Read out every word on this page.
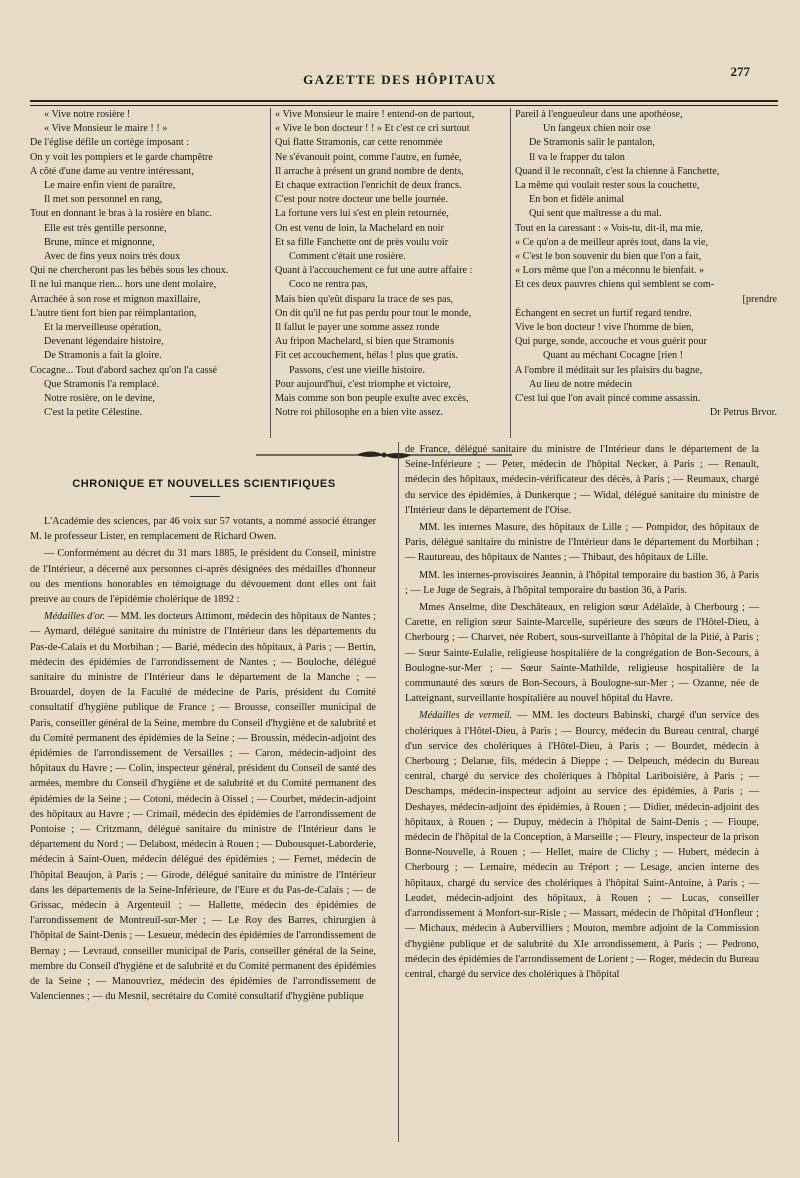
GAZETTE DES HÔPITAUX
277
« Vive notre rosière !
« Vive Monsieur le maire ! ! »
De l'église défile un cortège imposant :
On y voit les pompiers et le garde champêtre
A côté d'une dame au ventre intéressant,
Le maire enfin vient de paraître,
Il met son personnel en rang,
Tout en donnant le bras à la rosière en blanc.
Elle est très gentille personne,
Brune, mince et mignonne,
Avec de fins yeux noirs très doux
Qui ne chercheront pas les bébés sous les choux.
Il ne lui manque rien... hors une dent molaire,
Arrachée à son rose et mignon maxillaire,
L'autre tient fort bien par réimplantation,
Et la merveilleuse opération,
Devenant légendaire histoire,
De Stramonis a fait la gloire.
Cocagne... Tout d'abord sachez qu'on l'a cassé
Que Stramonis l'a remplacé.
Notre rosière, on le devine,
C'est la petite Célestine.
« Vive Monsieur le maire ! entend-on de partout,
« Vive le bon docteur ! ! » Et c'est ce cri surtout
Qui flatte Stramonis, car cette renommée
Ne s'évanouit point, comme l'autre, en fumée,
Il arrache à présent un grand nombre de dents,
Et chaque extraction l'enrichit de deux francs.
C'est pour notre docteur une belle journée.
La fortune vers lui s'est en plein retournée,
On est venu de loin, la Machelard en noir
Et sa fille Fanchette ont de près voulu voir
Comment c'était une rosière.
Quant à l'accouchement ce fut une autre affaire :
Coco ne rentra pas,
Mais bien qu'eût disparu la trace de ses pas,
On dit qu'il ne fut pas perdu pour tout le monde,
Il fallut le payer une somme assez ronde
Au fripon Machelard, si bien que Stramonis
Fit cet accouchement, hélas ! plus que gratis.
Passons, c'est une vieille histoire.
Pour aujourd'hui, c'est triomphe et victoire,
Mais comme son bon peuple exulte avec excès,
Notre roi philosophe en a bien vite assez.
Pareil à l'engueuleur dans une apothéose,
Un fangeux chien noir ose
De Stramonis salir le pantalon,
Il va le frapper du talon
Quand il le reconnaît, c'est la chienne à Fanchette,
La même qui voulait rester sous la couchette,
En bon et fidèle animal
Qui sent que maîtresse a du mal.
Tout en la caressant : « Vois-tu, dit-il, ma mie,
« Ce qu'on a de meilleur après tout, dans la vie,
« C'est le bon souvenir du bien que l'on a fait,
« Lors même que l'on a méconnu le bienfait. »
Et ces deux pauvres chiens qui semblent se com-
[prendre
Échangent en secret un furtif regard tendre.
Vive le bon docteur ! vive l'homme de bien,
Qui purge, sonde, accouche et vous guérit pour
Quant au méchant Cocagne [rien !
A l'ombre il méditait sur les plaisirs du bagne,
Au lieu de notre médecin
C'est lui que l'on avait pincé comme assassin.
Dr Petrus Brvor.
CHRONIQUE ET NOUVELLES SCIENTIFIQUES

L'Académie des sciences, par 46 voix sur 57 votants, a nommé associé étranger M. le professeur Lister, en remplacement de Richard Owen.

— Conformément au décret du 31 mars 1885, le président du Conseil, ministre de l'Intérieur, a décerné aux personnes ci-après désignées des médailles d'honneur ou des mentions honorables en témoignage du dévouement dont elles ont fait preuve au cours de l'épidémie cholérique de 1892 :

Médailles d'or. — MM. les docteurs Attimont, médecin des hôpitaux de Nantes ; — Aymard, délégué sanitaire du ministre de l'Intérieur dans les départements du Pas-de-Calais et du Morbihan ; — Barié, médecin des hôpitaux, à Paris ; — Bertin, médecin des épidémies de l'arrondissement de Nantes ; — Bouloche, délégué sanitaire du ministre de l'Intérieur dans le département de la Manche ; — Brouardel, doyen de la Faculté de médecine de Paris, président du Comité consultatif d'hygiène publique de France ; — Brousse, conseiller municipal de Paris, conseiller général de la Seine, membre du Conseil d'hygiène et de salubrité et du Comité permanent des épidémies de la Seine ; — Broussin, médecin-adjoint des épidémies de l'arrondissement de Versailles ; — Caron, médecin-adjoint des hôpitaux du Havre ; — Colin, inspecteur général, président du Conseil de santé des armées, membre du Conseil d'hygiène et de salubrité et du Comité permanent des épidémies de la Seine ; — Cotoni, médecin à Oissel ; — Courbet, médecin-adjoint des hôpitaux au Havre ; — Crimail, médecin des épidémies de l'arrondissement de Pontoise ; — Critzmann, délégué sanitaire du ministre de l'Intérieur dans le département du Nord ; — Delabost, médecin à Rouen ; — Dubousquet-Laborderie, médecin à Saint-Ouen, médecin délégué des épidémies ; — Fernet, médecin de l'hôpital Beaujon, à Paris ; — Girode, délégué sanitaire du ministre de l'Intérieur dans les départements de la Seine-Inférieure, de l'Eure et du Pas-de-Calais ; — de Grissac, médecin à Argenteuil ; — Hallette, médecin des épidémies de l'arrondissement de Montreuil-sur-Mer ; — Le Roy des Barres, chirurgien à l'hôpital de Saint-Denis ; — Lesueur, médecin des épidémies de l'arrondissement de Bernay ; — Levraud, conseiller municipal de Paris, conseiller général de la Seine, membre du Conseil d'hygiène et de salubrité et du Comité permanent des épidémies de la Seine ; — Manouvriez, médecin des épidémies de l'arrondissement de Valenciennes ; — du Mesnil, secrétaire du Comité consultatif d'hygiène publique

de France, délégué sanitaire du ministre de l'Intérieur dans le département de la Seine-Inférieure ; — Peter, médecin de l'hôpital Necker, à Paris ; — Renault, médecin des hôpitaux, médecin-vérificateur des décès, à Paris ; — Reumaux, chargé du service des épidémies, à Dunkerque ; — Widal, délégué sanitaire du ministre de l'Intérieur dans le département de l'Oise.

MM. les internes Masure, des hôpitaux de Lille ; — Pompidor, des hôpitaux de Paris, délégué sanitaire du ministre de l'Intérieur dans le département du Morbihan ; — Rautureau, des hôpitaux de Nantes ; — Thibaut, des hôpitaux de Lille.

MM. les internes-provisoires Jeannin, à l'hôpital temporaire du bastion 36, à Paris ; — Le Juge de Segrais, à l'hôpital temporaire du bastion 36, à Paris.

Mmes Anselme, dite Deschâteaux, en religion sœur Adélaïde, à Cherbourg ; — Carette, en religion sœur Sainte-Marcelle, supérieure des sœurs de l'Hôtel-Dieu, à Cherbourg ; — Charvet, née Robert, sous-surveillante à l'hôpital de la Pitié, à Paris ; — Sœur Sainte-Eulalie, religieuse hospitalière de la congrégation de Bon-Secours, à Boulogne-sur-Mer ; — Sœur Sainte-Mathilde, religieuse hospitalière de la communauté des sœurs de Bon-Secours, à Boulogne-sur-Mer ; — Ozanne, née de Latteignant, surveillante hospitalière au nouvel hôpital du Havre.

Médailles de vermeil. — MM. les docteurs Babinski, chargé d'un service des cholériques à l'Hôtel-Dieu, à Paris ; — Bourcy, médecin du Bureau central, chargé d'un service des cholériques à l'Hôtel-Dieu, à Paris ; — Bourdet, médecin à Cherbourg ; Delarue, fils, médecin à Dieppe ; — Delpeuch, médecin du Bureau central, chargé du service des cholériques à l'hôpital Lariboisière, à Paris ; — Deschamps, médecin-inspecteur adjoint au service des épidémies, à Paris ; — Deshayes, médecin-adjoint des épidémies, à Rouen ; — Didier, médecin-adjoint des hôpitaux, à Rouen ; — Dupuy, médecin à l'hôpital de Saint-Denis ; — Fioupe, médecin de l'hôpital de la Conception, à Marseille ; — Fleury, inspecteur de la prison Bonne-Nouvelle, à Rouen ; — Hellet, maire de Clichy ; — Hubert, médecin à Cherbourg ; — Lemaire, médecin au Tréport ; — Lesage, ancien interne des hôpitaux, chargé du service des cholériques à l'hôpital Saint-Antoine, à Paris ; — Leudet, médecin-adjoint des hôpitaux, à Rouen ; — Lucas, conseiller d'arrondissement à Monfort-sur-Risle ; — Massart, médecin de l'hôpital d'Honfleur ; — Michaux, médecin à Aubervilliers ; Mouton, membre adjoint de la Commission d'hygiène publique et de salubrité du XIe arrondissement, à Paris ; — Pedrono, médecin des épidémies de l'arrondissement de Lorient ; — Roger, médecin du Bureau central, chargé du service des cholériques à l'hôpital
